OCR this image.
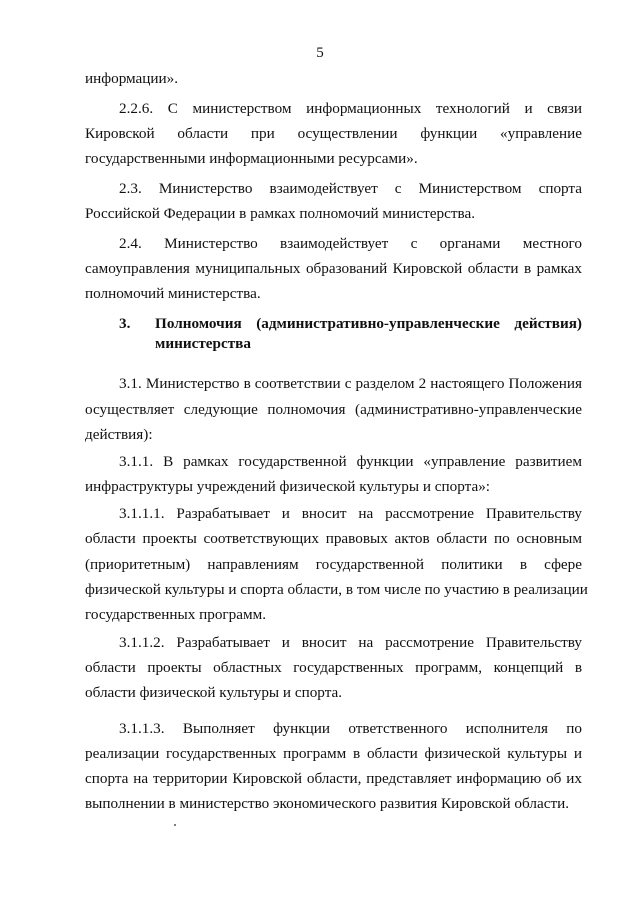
5
информации».
2.2.6. С министерством информационных технологий и связи
Кировской области при осуществлении функции «управление
государственными информационными ресурсами».
2.3. Министерство взаимодействует с Министерством спорта
Российской Федерации в рамках полномочий министерства.
2.4. Министерство взаимодействует с органами местного
самоуправления муниципальных образований Кировской области в рамках
полномочий министерства.
3.	Полномочия (административно-управленческие действия)
министерства
3.1. Министерство в соответствии с разделом 2 настоящего Положения
осуществляет следующие полномочия (административно-управленческие
действия):
3.1.1. В рамках государственной функции «управление развитием
инфраструктуры учреждений физической культуры и спорта»:
3.1.1.1. Разрабатывает и вносит на рассмотрение Правительству
области проекты соответствующих правовых актов области по основным
(приоритетным) направлениям государственной политики в сфере
физической культуры и спорта области, в том числе по участию в реализации
государственных программ.
3.1.1.2. Разрабатывает и вносит на рассмотрение Правительству
области проекты областных государственных программ, концепций в
области физической культуры и спорта.
3.1.1.3. Выполняет функции ответственного исполнителя по
реализации государственных программ в области физической культуры и
спорта на территории Кировской области, представляет информацию об их
выполнении в министерство экономического развития Кировской области.
